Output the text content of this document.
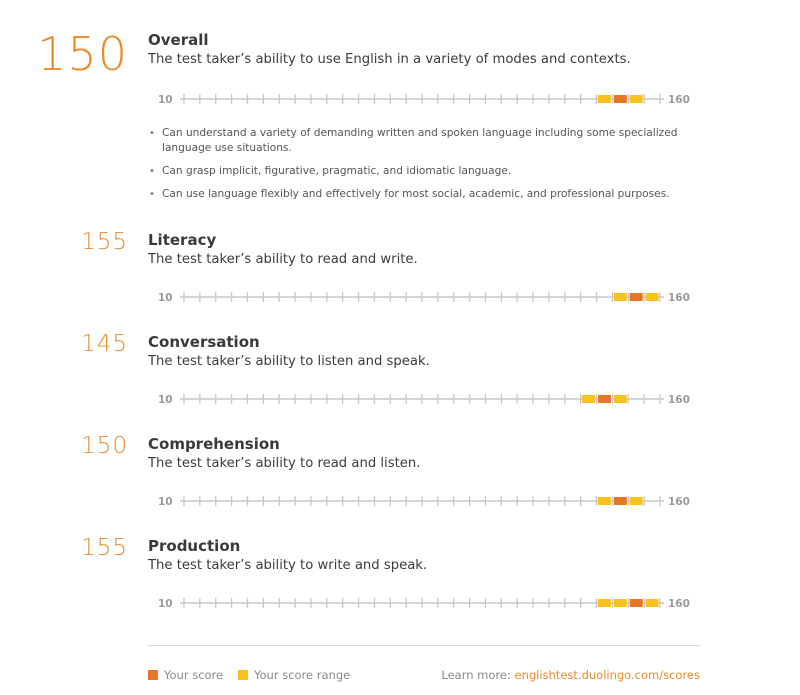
150 Overall
The test taker’s ability to use English in a variety of modes and contexts.
10	160
• Can understand a variety of demanding written and spoken language including some specialized language use situations.
• Can grasp implicit, figurative, pragmatic, and idiomatic language.
• Can use language flexibly and effectively for most social, academic, and professional purposes.
155 Literacy
The test taker’s ability to read and write.
10	160
145 Conversation
The test taker’s ability to listen and speak.
10	160
150 Comprehension
The test taker’s ability to read and listen.
10	160
155 Production
The test taker’s ability to write and speak.
10	160
Your score	Your score range	Learn more: englishtest.duolingo.com/scores
